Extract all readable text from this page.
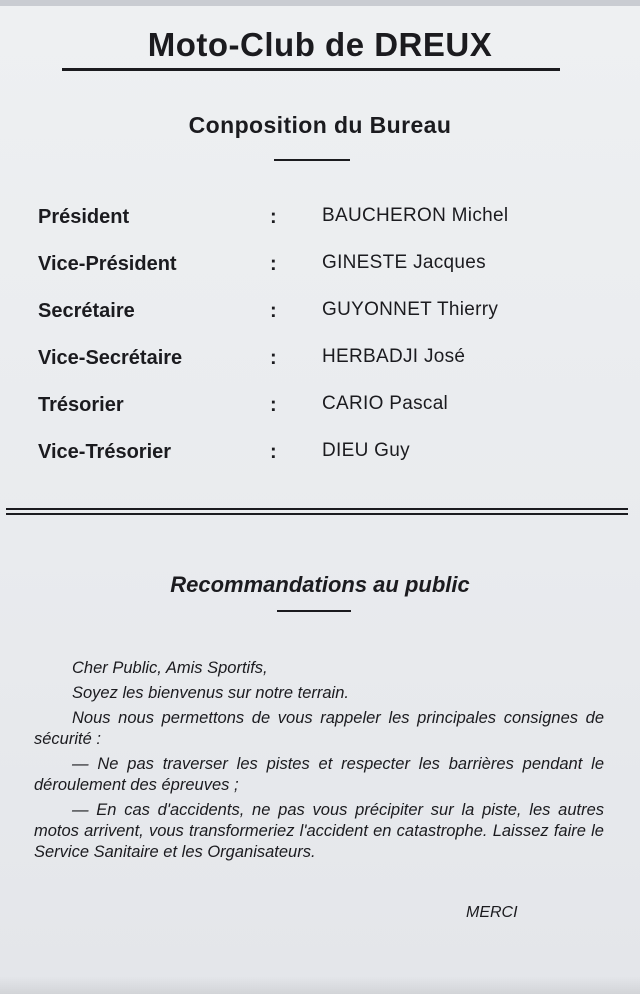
Moto-Club de DREUX
Conposition du Bureau
Président	: BAUCHERON Michel
Vice-Président	: GINESTE Jacques
Secrétaire	: GUYONNET Thierry
Vice-Secrétaire	: HERBADJI José
Trésorier	: CARIO Pascal
Vice-Trésorier	: DIEU Guy
Recommandations au public

Cher Public, Amis Sportifs,

Soyez les bienvenus sur notre terrain.

Nous nous permettons de vous rappeler les principales consignes de sécurité :

— Ne pas traverser les pistes et respecter les barrières pendant le déroulement des épreuves ;

— En cas d'accidents, ne pas vous précipiter sur la piste, les autres motos arrivent, vous transformeriez l'accident en catastrophe. Laissez faire le Service Sanitaire et les Organisateurs.

MERCI
